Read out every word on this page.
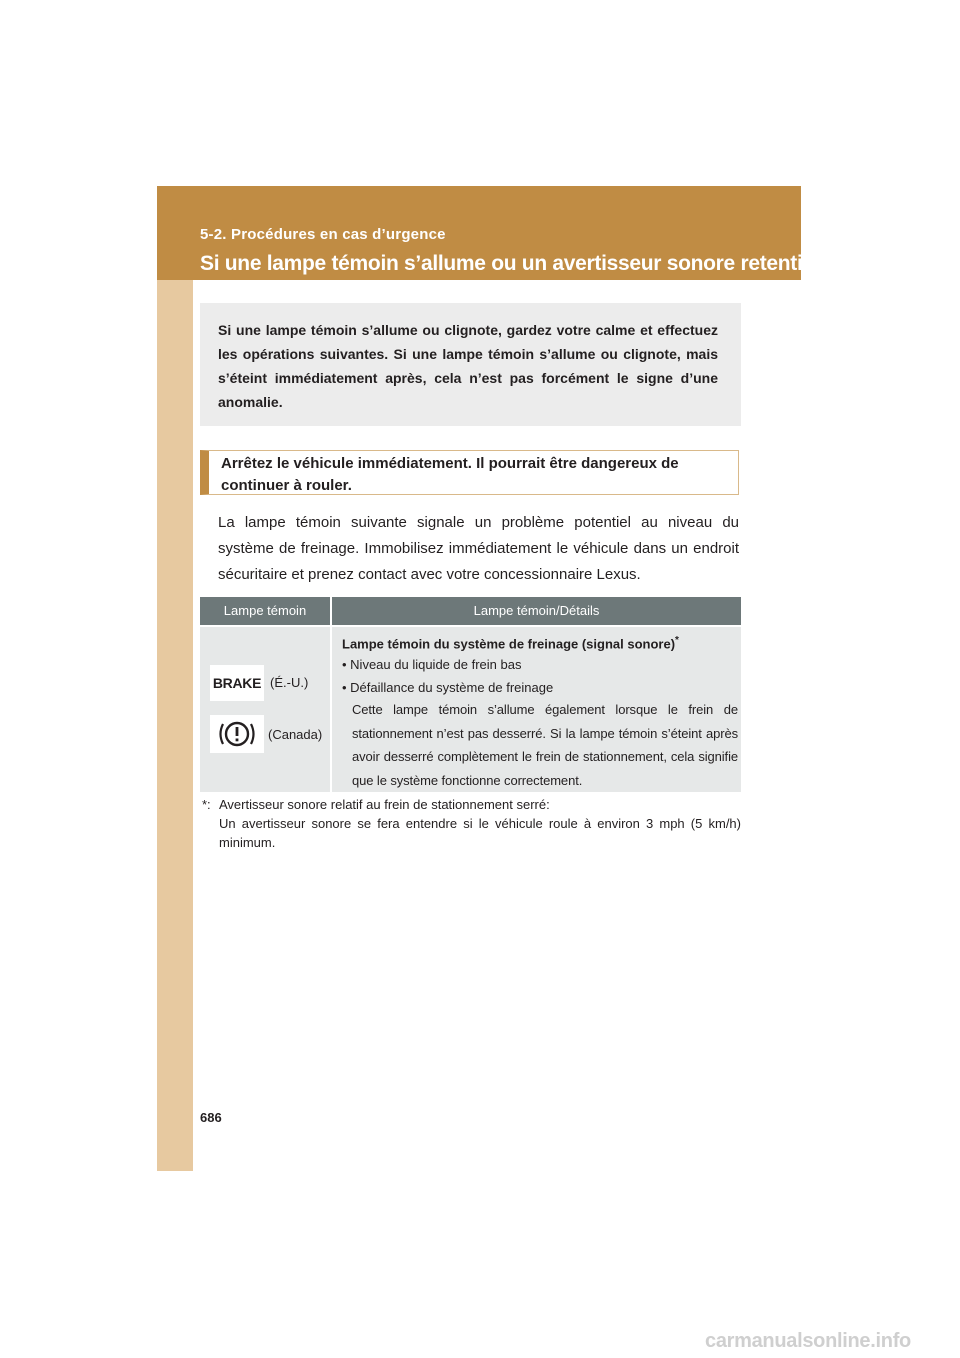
5-2. Procédures en cas d’urgence
Si une lampe témoin s’allume ou un avertisseur sonore retentit...
Si une lampe témoin s’allume ou clignote, gardez votre calme et effectuez les opérations suivantes. Si une lampe témoin s’allume ou clignote, mais s’éteint immédiatement après, cela n’est pas forcément le signe d’une anomalie.
Arrêtez le véhicule immédiatement. Il pourrait être dangereux de continuer à rouler.
La lampe témoin suivante signale un problème potentiel au niveau du système de freinage. Immobilisez immédiatement le véhicule dans un endroit sécuritaire et prenez contact avec votre concessionnaire Lexus.
Lampe témoin	Lampe témoin/Détails
BRAKE (É.-U.)
(Canada)
Lampe témoin du système de freinage (signal sonore)*
• Niveau du liquide de frein bas
• Défaillance du système de freinage
Cette lampe témoin s’allume également lorsque le frein de stationnement n’est pas desserré. Si la lampe témoin s’éteint après avoir desserré complètement le frein de stationnement, cela signifie que le système fonctionne correctement.
*: Avertisseur sonore relatif au frein de stationnement serré:
Un avertisseur sonore se fera entendre si le véhicule roule à environ 3 mph (5 km/h) minimum.
686
carmanualsonline.info
